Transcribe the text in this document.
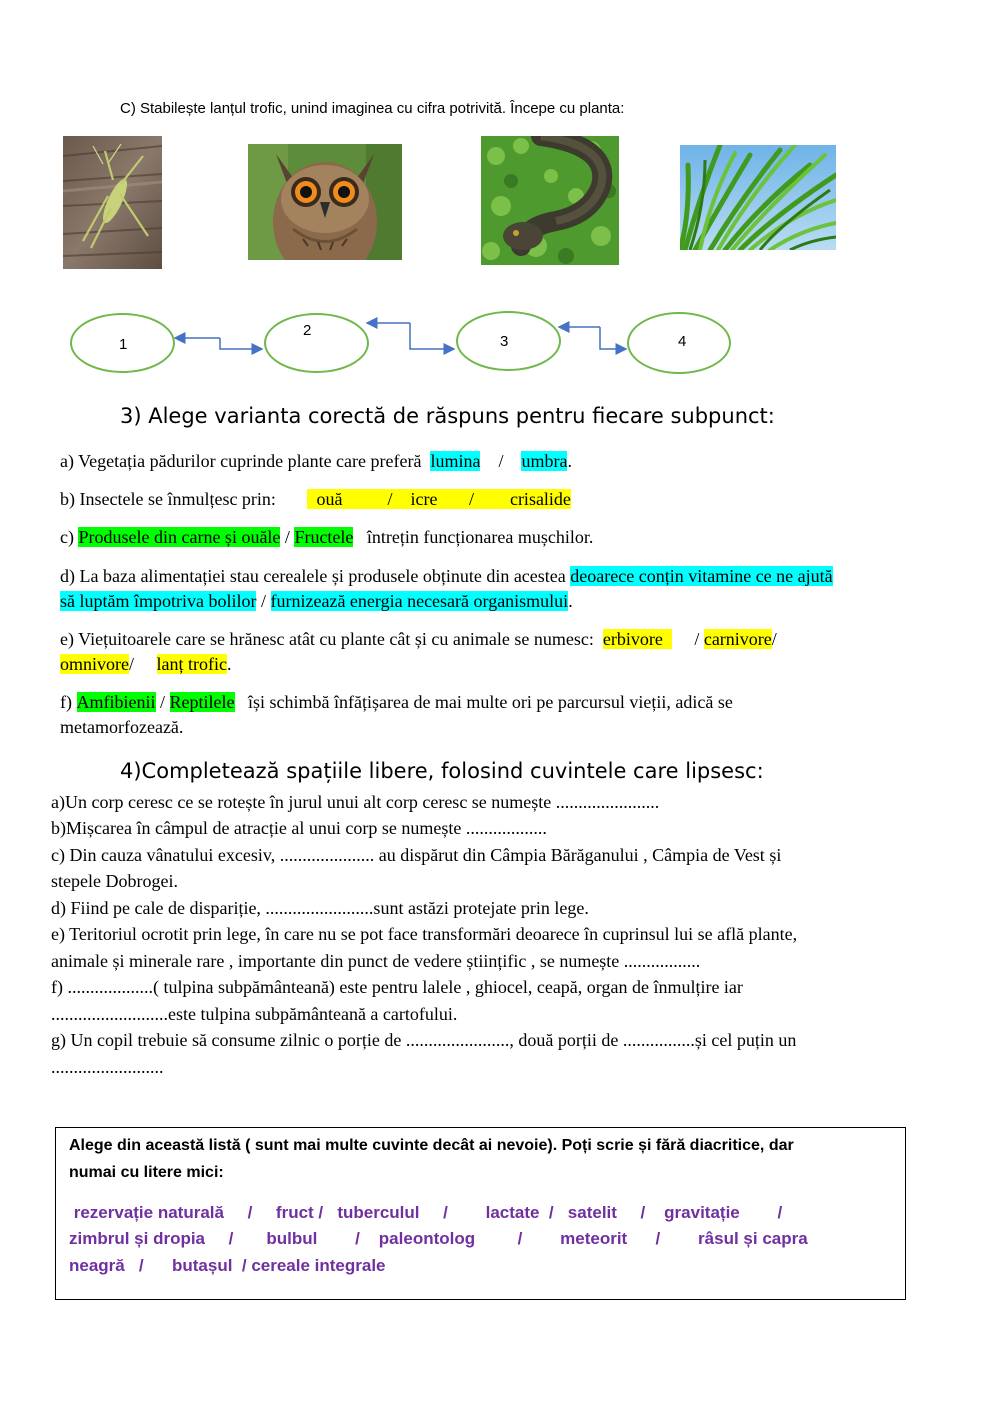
C) Stabilește lanțul trofic, unind imaginea cu cifra potrivită. Începe cu planta:
1
2
3	4
3) Alege varianta corectă de răspuns pentru fiecare subpunct:
a) Vegetația pădurilor cuprinde plante care preferă lumina / umbra.
b) Insectele se înmulțesc prin: ouă	/ icre / crisalide
c) Produsele din carne și ouăle / Fructele întrețin funcționarea mușchilor.
d) La baza alimentației stau cerealele și produsele obținute din acestea deoarece conțin vitamine ce ne ajută
să luptăm împotriva bolilor / furnizează energia necesară organismului.
e) Viețuitoarele care se hrănesc atât cu plante cât și cu animale se numesc: erbivore / carnivore/
omnivore/ lanț trofic.
f) Amfibienii / Reptilele își schimbă înfățișarea de mai multe ori pe parcursul vieții, adică se
metamorfozează.
4)Completează spațiile libere, folosind cuvintele care lipsesc:
a)Un corp ceresc ce se rotește în jurul unui alt corp ceresc se numește .......................
b)Mișcarea în câmpul de atracție al unui corp se numește ..................
c) Din cauza vânatului excesiv, ..................... au dispărut din Câmpia Bărăganului , Câmpia de Vest și
stepele Dobrogei.
d) Fiind pe cale de dispariție, ........................sunt astăzi protejate prin lege.
e) Teritoriul ocrotit prin lege, în care nu se pot face transformări deoarece în cuprinsul lui se află plante,
animale și minerale rare , importante din punct de vedere științific , se numește .................
f) ...................( tulpina subpământeană) este pentru lalele , ghiocel, ceapă, organ de înmulțire iar
..........................este tulpina subpământeană a cartofului.
g) Un copil trebuie să consume zilnic o porție de ......................., două porții de ................și cel puțin un
.........................
Alege din această listă ( sunt mai multe cuvinte decât ai nevoie). Poți scrie și fără diacritice, dar
numai cu litere mici:
rezervație naturală     /     fruct /   tuberculul     /        lactate  /   satelit     /    gravitație        /
zimbrul și dropia     /       bulbul        /    paleontolog         /        meteorit      /        râsul și capra
neagră   /      butașul  / cereale integrale
